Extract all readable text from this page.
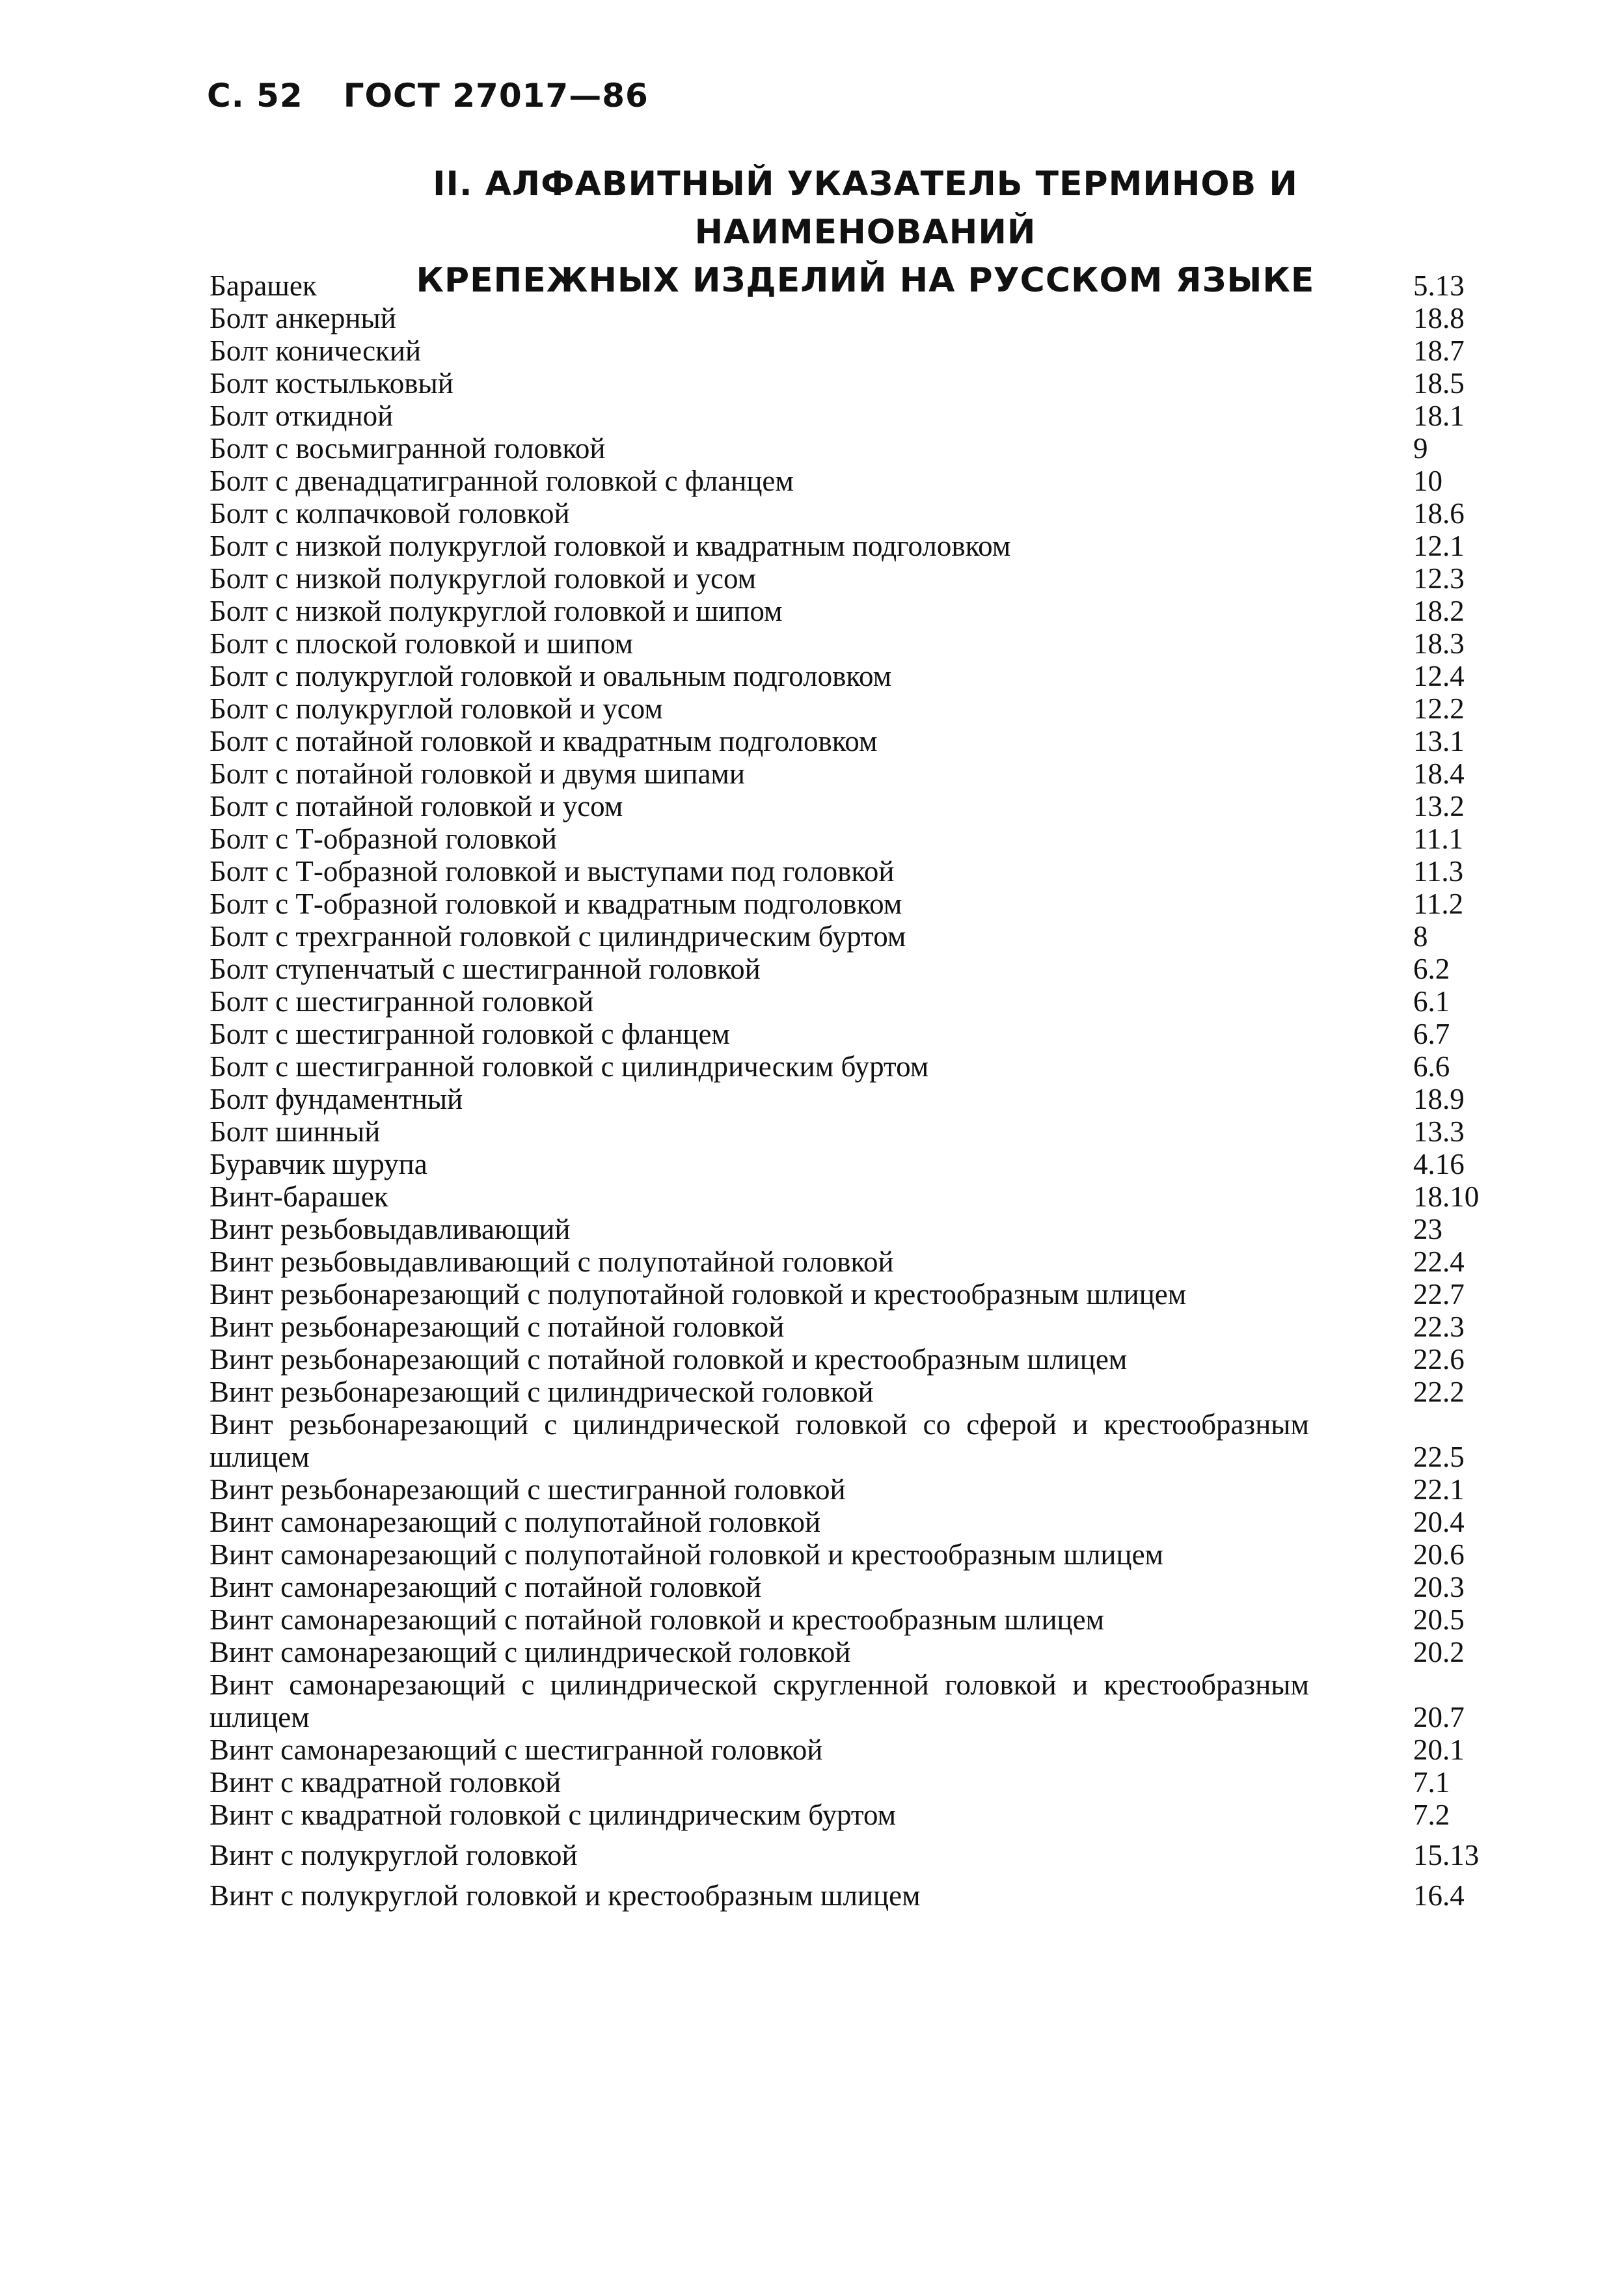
С. 52 ГОСТ 27017—86
II. АЛФАВИТНЫЙ УКАЗАТЕЛЬ ТЕРМИНОВ И НАИМЕНОВАНИЙ
КРЕПЕЖНЫХ ИЗДЕЛИЙ НА РУССКОМ ЯЗЫКЕ
Барашек	5.13
Болт анкерный	18.8
Болт конический	18.7
Болт костыльковый	18.5
Болт откидной	18.1
Болт с восьмигранной головкой	9
Болт с двенадцатигранной головкой с фланцем	10
Болт с колпачковой головкой	18.6
Болт с низкой полукруглой головкой и квадратным подголовком	12.1
Болт с низкой полукруглой головкой и усом	12.3
Болт с низкой полукруглой головкой и шипом	18.2
Болт с плоской головкой и шипом	18.3
Болт с полукруглой головкой и овальным подголовком	12.4
Болт с полукруглой головкой и усом	12.2
Болт с потайной головкой и квадратным подголовком	13.1
Болт с потайной головкой и двумя шипами	18.4
Болт с потайной головкой и усом	13.2
Болт с Т-образной головкой	11.1
Болт с Т-образной головкой и выступами под головкой	11.3
Болт с Т-образной головкой и квадратным подголовком	11.2
Болт с трехгранной головкой с цилиндрическим буртом	8
Болт ступенчатый с шестигранной головкой	6.2
Болт с шестигранной головкой	6.1
Болт с шестигранной головкой с фланцем	6.7
Болт с шестигранной головкой с цилиндрическим буртом	6.6
Болт фундаментный	18.9
Болт шинный	13.3
Буравчик шурупа	4.16
Винт-барашек	18.10
Винт резьбовыдавливающий	23
Винт резьбовыдавливающий с полупотайной головкой	22.4
Винт резьбонарезающий с полупотайной головкой и крестообразным шлицем	22.7
Винт резьбонарезающий с потайной головкой	22.3
Винт резьбонарезающий с потайной головкой и крестообразным шлицем	22.6
Винт резьбонарезающий с цилиндрической головкой	22.2
Винт резьбонарезающий с цилиндрической головкой со сферой и крестообразным шлицем	22.5
Винт резьбонарезающий с шестигранной головкой	22.1
Винт самонарезающий с полупотайной головкой	20.4
Винт самонарезающий с полупотайной головкой и крестообразным шлицем	20.6
Винт самонарезающий с потайной головкой	20.3
Винт самонарезающий с потайной головкой и крестообразным шлицем	20.5
Винт самонарезающий с цилиндрической головкой	20.2
Винт самонарезающий с цилиндрической скругленной головкой и крестообразным шлицем	20.7
Винт самонарезающий с шестигранной головкой	20.1
Винт с квадратной головкой	7.1
Винт с квадратной головкой с цилиндрическим буртом	7.2
Винт с полукруглой головкой	15.13
Винт с полукруглой головкой и крестообразным шлицем	16.4
